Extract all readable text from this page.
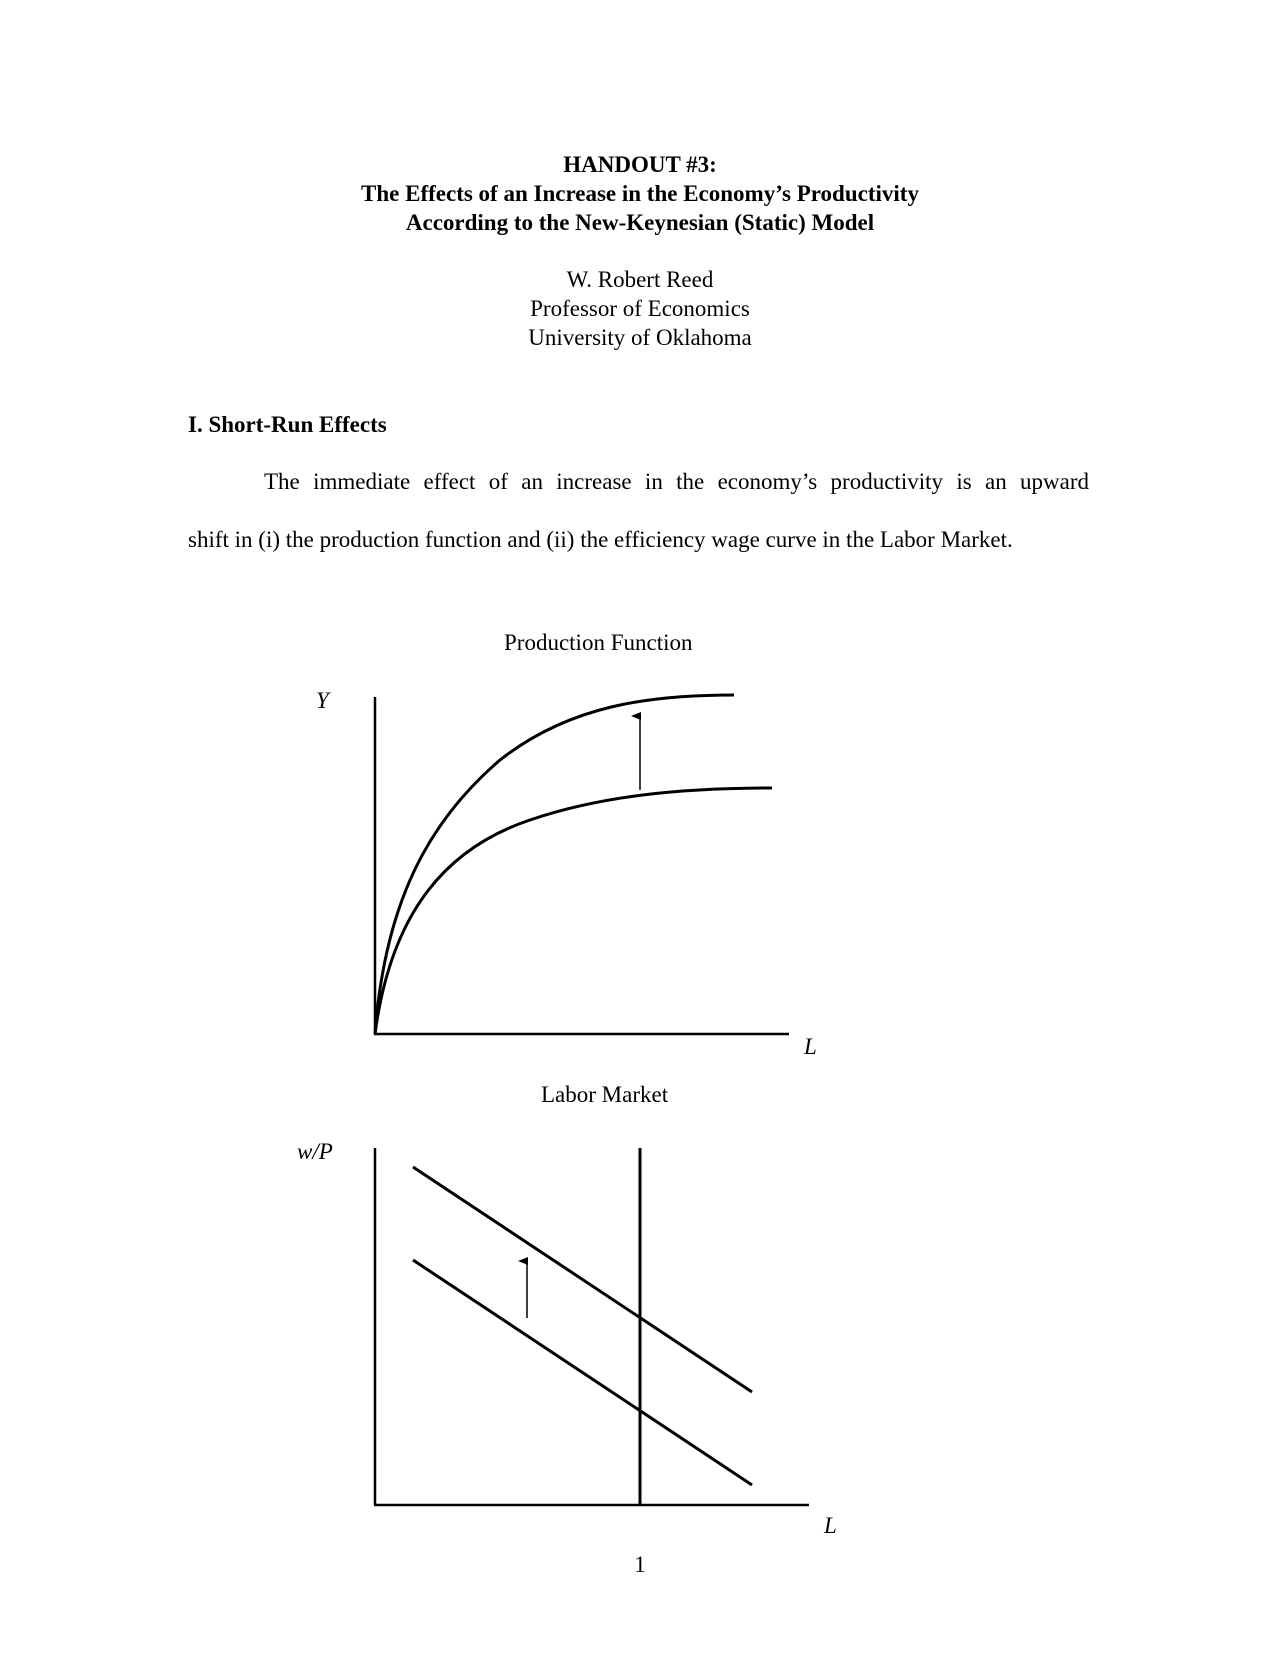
HANDOUT #3:
The Effects of an Increase in the Economy’s Productivity
According to the New-Keynesian (Static) Model
W. Robert Reed
Professor of Economics
University of Oklahoma
I. Short-Run Effects
The immediate effect of an increase in the economy’s productivity is an upward
shift in (i) the production function and (ii) the efficiency wage curve in the Labor Market.
Production Function
Y
L
Labor Market
w/P
L
1
